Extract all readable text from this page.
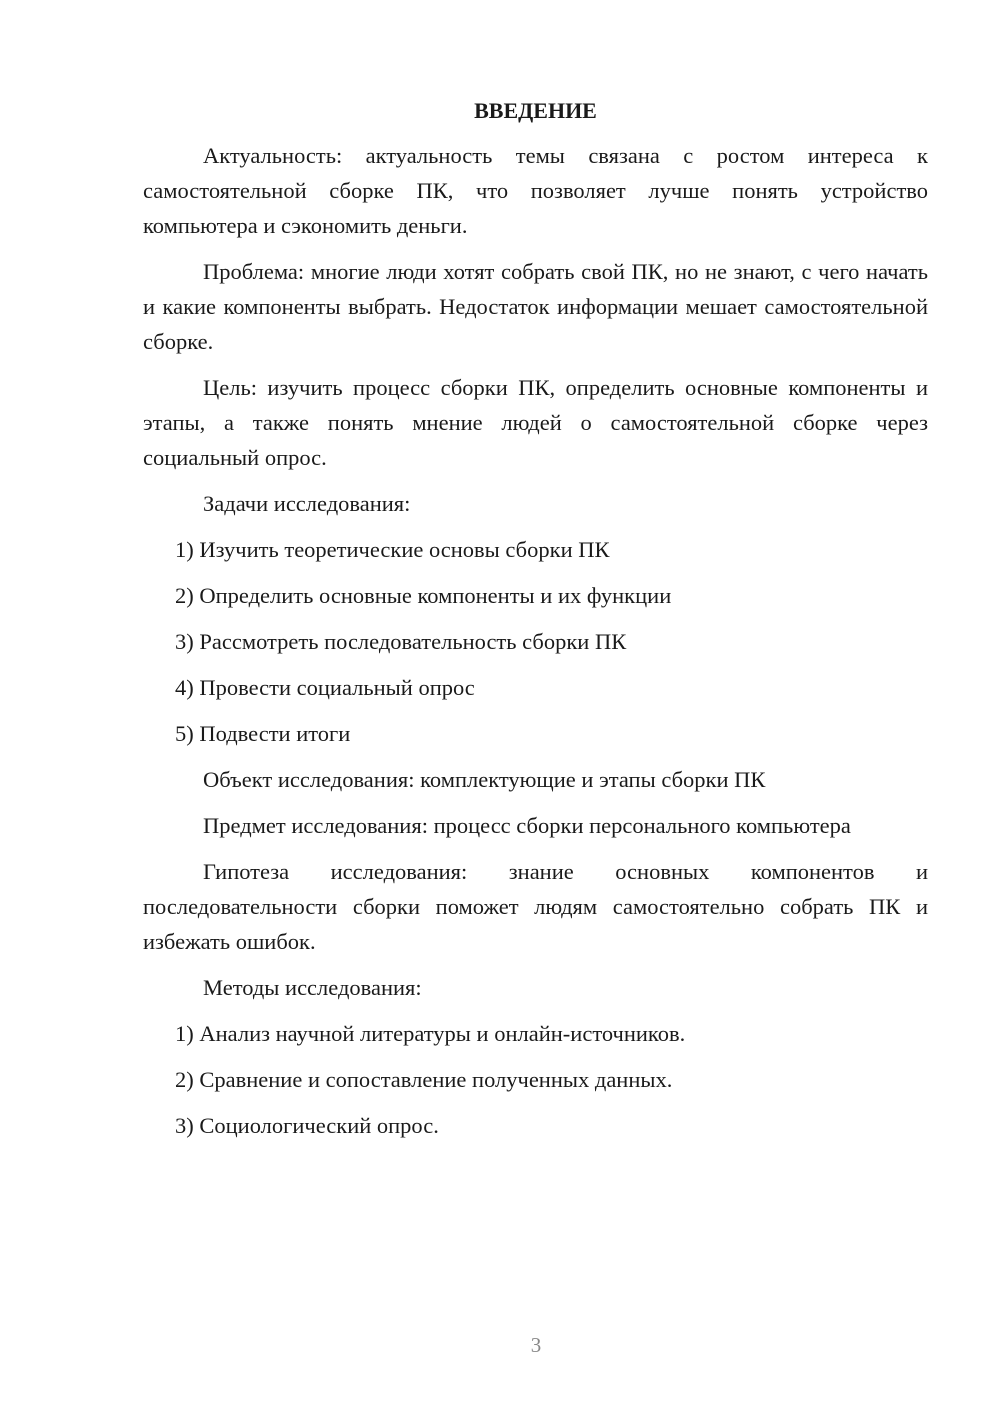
ВВЕДЕНИЕ

Актуальность: актуальность темы связана с ростом интереса к самостоятельной сборке ПК, что позволяет лучше понять устройство компьютера и сэкономить деньги.

Проблема: многие люди хотят собрать свой ПК, но не знают, с чего начать и какие компоненты выбрать. Недостаток информации мешает самостоятельной сборке.

Цель: изучить процесс сборки ПК, определить основные компоненты и этапы, а также понять мнение людей о самостоятельной сборке через социальный опрос.

Задачи исследования:
1) Изучить теоретические основы сборки ПК
2) Определить основные компоненты и их функции
3) Рассмотреть последовательность сборки ПК
4) Провести социальный опрос
5) Подвести итоги
Объект исследования: комплектующие и этапы сборки ПК
Предмет исследования: процесс сборки персонального компьютера

Гипотеза исследования: знание основных компонентов и последовательности сборки поможет людям самостоятельно собрать ПК и избежать ошибок.

Методы исследования:
1) Анализ научной литературы и онлайн-источников.
2) Сравнение и сопоставление полученных данных.
3) Социологический опрос.
3
